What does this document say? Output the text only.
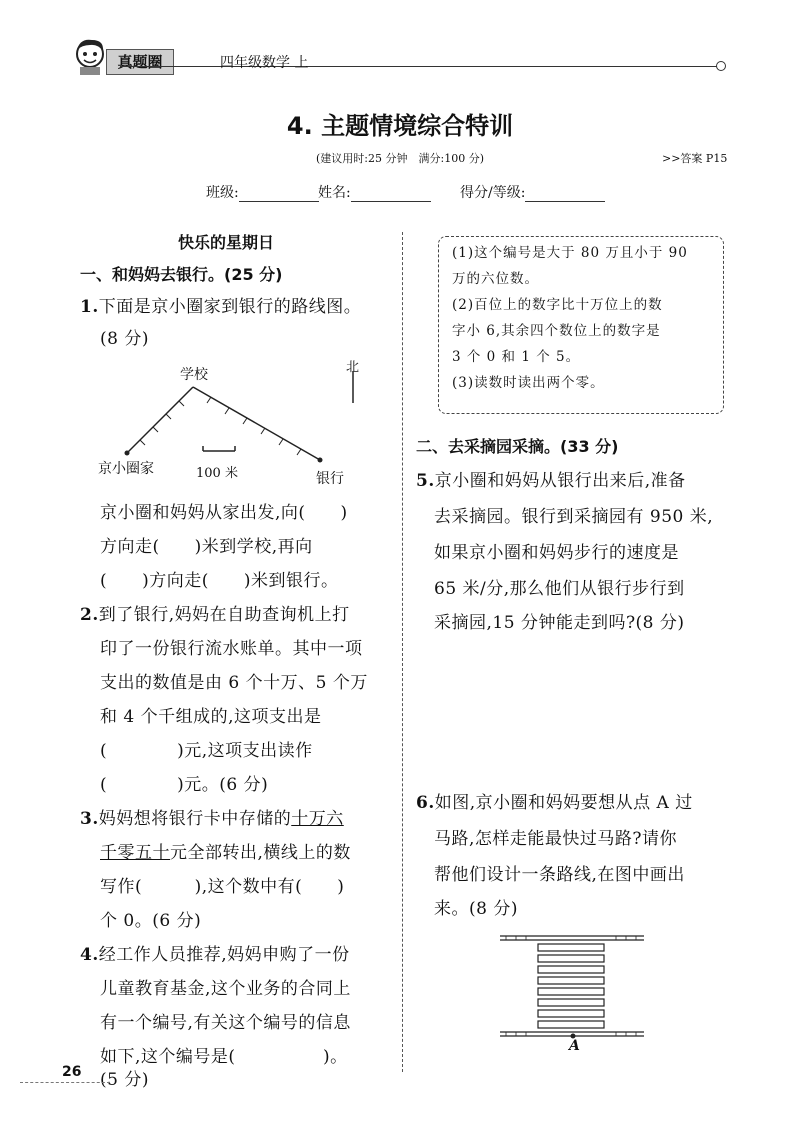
真题圈	四年级数学 上
4. 主题情境综合特训
(建议用时:25 分钟　满分:100 分)	>>答案 P15
班级:	姓名:	得分/等级:
快乐的星期日
一、和妈妈去银行。(25 分)
1.下面是京小圈家到银行的路线图。
(8 分)
学校	北
京小圈家
银行
100 米
京小圈和妈妈从家出发,向(　　)
方向走(　　)米到学校,再向
(　　)方向走(　　)米到银行。
2.到了银行,妈妈在自助查询机上打
印了一份银行流水账单。其中一项
支出的数值是由 6 个十万、5 个万
和 4 个千组成的,这项支出是
(　　　　)元,这项支出读作
(　　　　)元。(6 分)
3.妈妈想将银行卡中存储的十万六
千零五十元全部转出,横线上的数
写作(　　　),这个数中有(　　)
个 0。(6 分)
4.经工作人员推荐,妈妈申购了一份
儿童教育基金,这个业务的合同上
有一个编号,有关这个编号的信息
如下,这个编号是(　　　　　)。
(5 分)
(1)这个编号是大于 80 万且小于 90
万的六位数。
(2)百位上的数字比十万位上的数
字小 6,其余四个数位上的数字是
3 个 0 和 1 个 5。
(3)读数时读出两个零。
二、去采摘园采摘。(33 分)
5.京小圈和妈妈从银行出来后,准备
去采摘园。银行到采摘园有 950 米,
如果京小圈和妈妈步行的速度是
65 米/分,那么他们从银行步行到
采摘园,15 分钟能走到吗?(8 分)
6.如图,京小圈和妈妈要想从点 A 过
马路,怎样走能最快过马路?请你
帮他们设计一条路线,在图中画出
来。(8 分)
A
26
